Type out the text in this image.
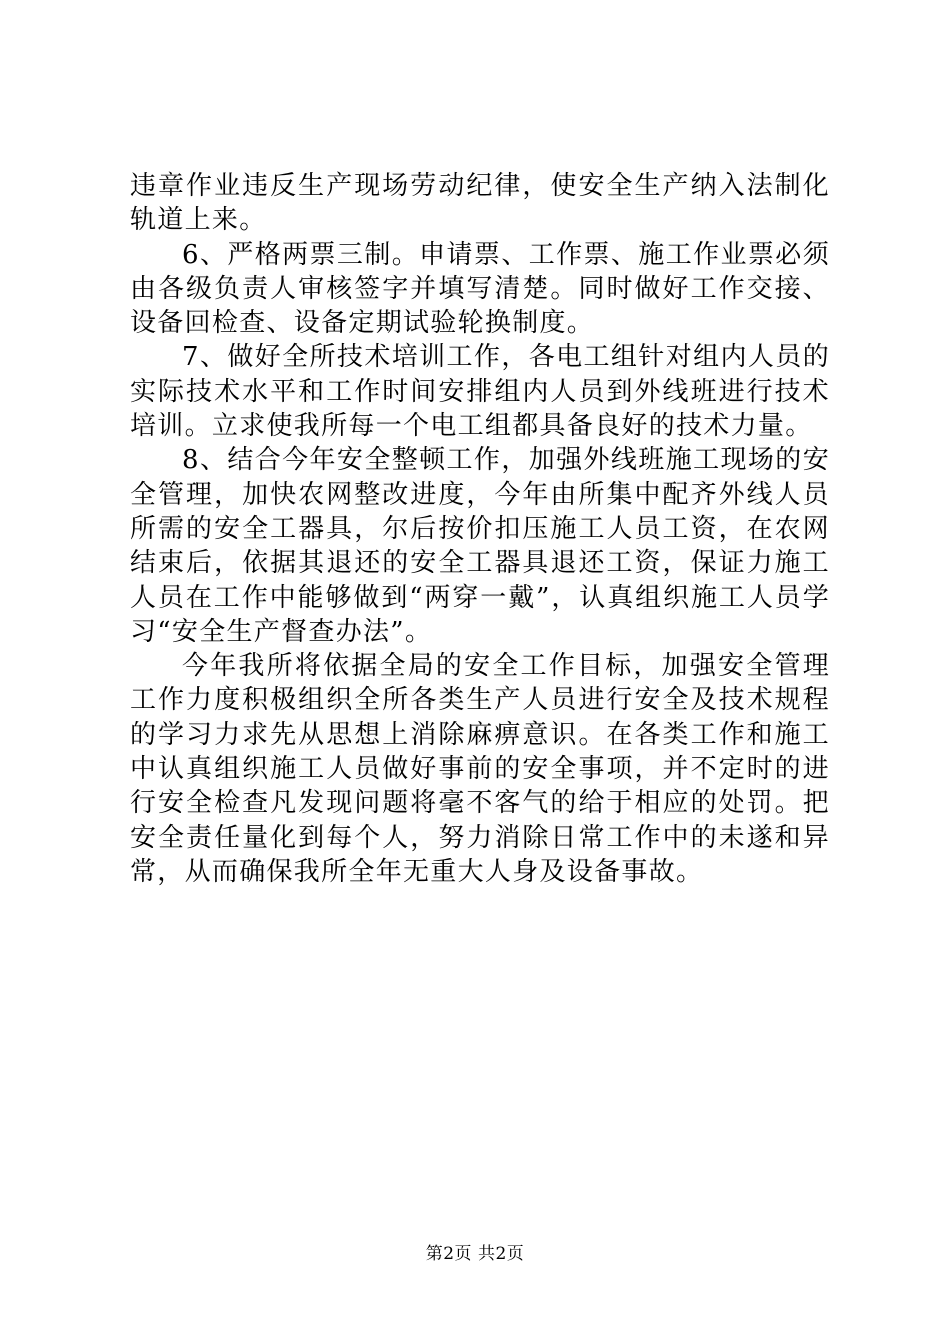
违章作业违反生产现场劳动纪律，使安全生产纳入法制化轨道上来。

6、严格两票三制。申请票、工作票、施工作业票必须由各级负责人审核签字并填写清楚。同时做好工作交接、设备回检查、设备定期试验轮换制度。

7、做好全所技术培训工作，各电工组针对组内人员的实际技术水平和工作时间安排组内人员到外线班进行技术培训。立求使我所每一个电工组都具备良好的技术力量。

8、结合今年安全整顿工作，加强外线班施工现场的安全管理，加快农网整改进度，今年由所集中配齐外线人员所需的安全工器具，尔后按价扣压施工人员工资，在农网结束后，依据其退还的安全工器具退还工资，保证力施工人员在工作中能够做到“两穿一戴”，认真组织施工人员学习“安全生产督查办法”。

今年我所将依据全局的安全工作目标，加强安全管理工作力度积极组织全所各类生产人员进行安全及技术规程的学习力求先从思想上消除麻痹意识。在各类工作和施工中认真组织施工人员做好事前的安全事项，并不定时的进行安全检查凡发现问题将毫不客气的给于相应的处罚。把安全责任量化到每个人，努力消除日常工作中的未遂和异常，从而确保我所全年无重大人身及设备事故。

第2页 共2页
